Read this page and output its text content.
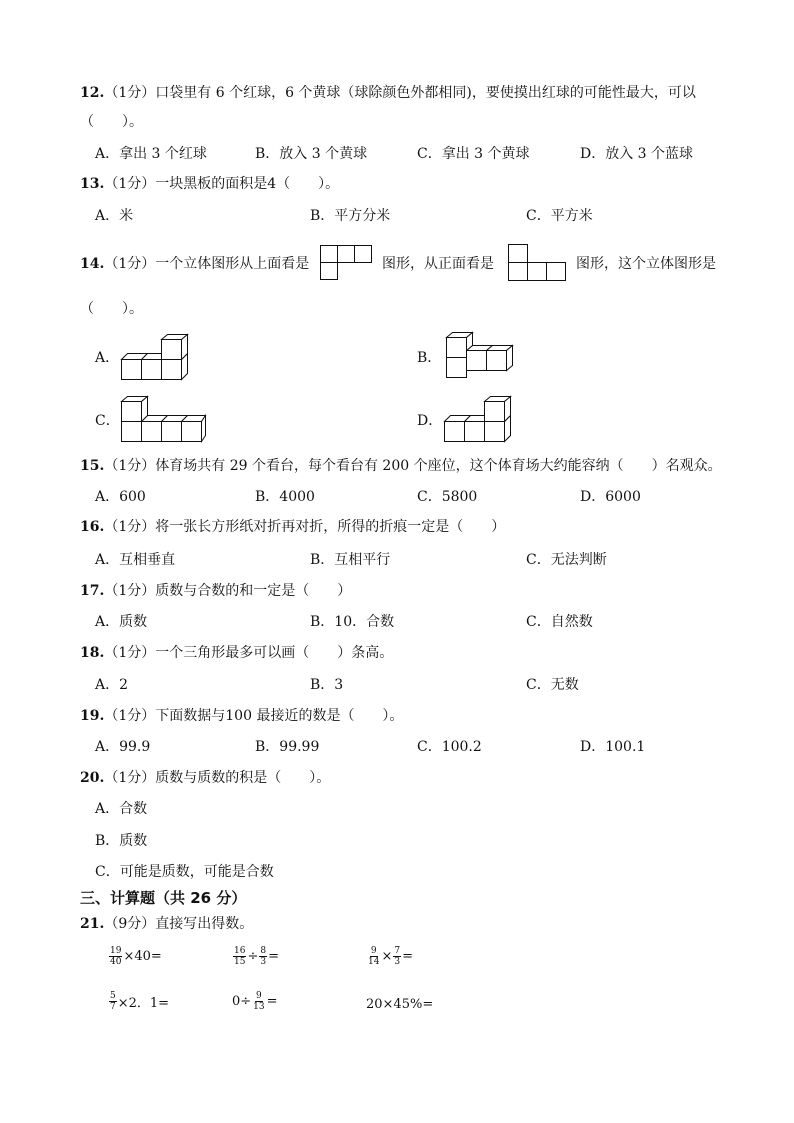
12.（1分）口袋里有 6 个红球，6 个黄球（球除颜色外都相同)，要使摸出红球的可能性最大，可以
（　　）。
A．拿出 3 个红球	B．放入 3 个黄球	C．拿出 3 个黄球	D．放入 3 个蓝球
13.（1分）一块黑板的面积是4（　　）。
A．米	B．平方分米	C．平方米
14.（1分）一个立体图形从上面看是	图形，从正面看是	图形，这个立体图形是
（　　）。
A．	B．
C．	D．
15.（1分）体育场共有 29 个看台，每个看台有 200 个座位，这个体育场大约能容纳（　　）名观众。
A．600	B．4000	C．5800	D．6000
16.（1分）将一张长方形纸对折再对折，所得的折痕一定是（　　）
A．互相垂直	B．互相平行	C．无法判断
17.（1分）质数与合数的和一定是（　　）
A．质数	B．10．合数	C．自然数
18.（1分）一个三角形最多可以画（　　）条高。
A．2	B．3	C．无数
19.（1分）下面数据与100 最接近的数是（　　）。
A．99.9	B．99.99	C．100.2	D．100.1
20.（1分）质数与质数的积是（　　）。
A．合数
B．质数
C．可能是质数，可能是合数
三、计算题（共 26 分）
21.（9分）直接写出得数。
$\frac{19}{40} \times 40=$	$\frac{16}{15} \div \frac{8}{3}$ =	$\frac{9}{14} \times \frac{7}{3}$ =
$\frac{5}{7} \times 2$．1=	$0\div \frac{9}{13}$ =	20×45%=
